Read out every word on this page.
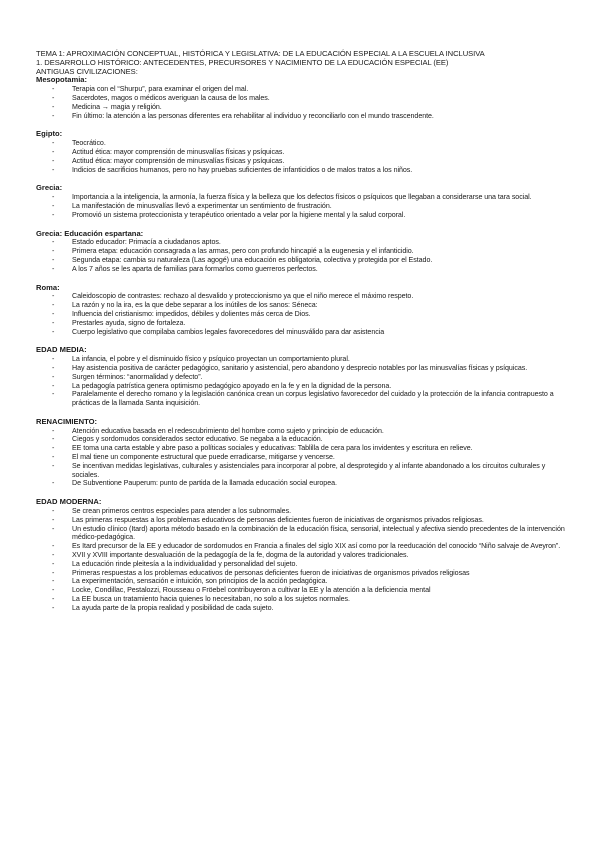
TEMA 1: APROXIMACIÓN CONCEPTUAL, HISTÓRICA Y LEGISLATIVA: DE LA EDUCACIÓN ESPECIAL A LA ESCUELA INCLUSIVA
1. DESARROLLO HISTÓRICO: ANTECEDENTES, PRECURSORES Y NACIMIENTO DE LA EDUCACIÓN ESPECIAL (EE)
ANTIGUAS CIVILIZACIONES:
Mesopotamia:
- Terapia con el “Shurpu”, para examinar el origen del mal.
- Sacerdotes, magos o médicos averiguan la causa de los males.
- Medicina → magia y religión.
- Fin último: la atención a las personas diferentes era rehabilitar al individuo y reconciliarlo con el mundo trascendente.
Egipto:
- Teocrático.
- Actitud ética: mayor comprensión de minusvalías físicas y psíquicas.
- Actitud ética: mayor comprensión de minusvalías físicas y psíquicas.
- Indicios de sacrificios humanos, pero no hay pruebas suficientes de infanticidios o de malos tratos a los niños.
Grecia:
- Importancia a la inteligencia, la armonía, la fuerza física y la belleza que los defectos físicos o psíquicos que llegaban a considerarse una tara social.
- La manifestación de minusvalías llevó a experimentar un sentimiento de frustración.
- Promovió un sistema proteccionista y terapéutico orientado a velar por la higiene mental y la salud corporal.
Grecia: Educación espartana:
- Estado educador: Primacía a ciudadanos aptos.
- Primera etapa: educación consagrada a las armas, pero con profundo hincapié a la eugenesia y el infanticidio.
- Segunda etapa: cambia su naturaleza (Las agogé) una educación es obligatoria, colectiva y protegida por el Estado.
- A los 7 años se les aparta de familias para formarlos como guerreros perfectos.
Roma:
- Caleidoscopio de contrastes: rechazo al desvalido y proteccionismo ya que el niño merece el máximo respeto.
- La razón y no la ira, es la que debe separar a los inútiles de los sanos: Séneca:
- Influencia del cristianismo: impedidos, débiles y dolientes más cerca de Dios.
- Prestarles ayuda, signo de fortaleza.
- Cuerpo legislativo que compilaba cambios legales favorecedores del minusválido para dar asistencia
EDAD MEDIA:
- La infancia, el pobre y el disminuido físico y psíquico proyectan un comportamiento plural.
- Hay asistencia positiva de carácter pedagógico, sanitario y asistencial, pero abandono y desprecio notables por las minusvalías físicas y psíquicas.
- Surgen términos: “anormalidad y defecto”.
- La pedagogía patrística genera optimismo pedagógico apoyado en la fe y en la dignidad de la persona.
- Paralelamente el derecho romano y la legislación canónica crean un corpus legislativo favorecedor del cuidado y la protección de la infancia contrapuesto a prácticas de la llamada Santa inquisición.
RENACIMIENTO:
- Atención educativa basada en el redescubrimiento del hombre como sujeto y principio de educación.
- Ciegos y sordomudos considerados sector educativo. Se negaba a la educación.
- EE toma una carta estable y abre paso a políticas sociales y educativas: Tablilla de cera para los invidentes y escritura en relieve.
- El mal tiene un componente estructural que puede erradicarse, mitigarse y vencerse.
- Se incentivan medidas legislativas, culturales y asistenciales para incorporar al pobre, al desprotegido y al infante abandonado a los circuitos culturales y sociales.
- De Subventione Pauperum: punto de partida de la llamada educación social europea.
EDAD MODERNA:
- Se crean primeros centros especiales para atender a los subnormales.
- Las primeras respuestas a los problemas educativos de personas deficientes fueron de iniciativas de organismos privados religiosas.
- Un estudio clínico (Itard) aporta método basado en la combinación de la educación física, sensorial, intelectual y afectiva siendo precedentes de la intervención médico-pedagógica.
- Es Itard precursor de la EE y educador de sordomudos en Francia a finales del siglo XIX así como por la reeducación del conocido “Niño salvaje de Aveyron”.
- XVII y XVIII importante desvaluación de la pedagogía de la fe, dogma de la autoridad y valores tradicionales.
- La educación rinde pleitesía a la individualidad y personalidad del sujeto.
- Primeras respuestas a los problemas educativos de personas deficientes fueron de iniciativas de organismos privados religiosas
- La experimentación, sensación e intuición, son principios de la acción pedagógica.
- Locke, Condillac, Pestalozzi, Rousseau o Fröebel contribuyeron a cultivar la EE y la atención a la deficiencia mental
- La EE busca un tratamiento hacia quienes lo necesitaban, no solo a los sujetos normales.
- La ayuda parte de la propia realidad y posibilidad de cada sujeto.
